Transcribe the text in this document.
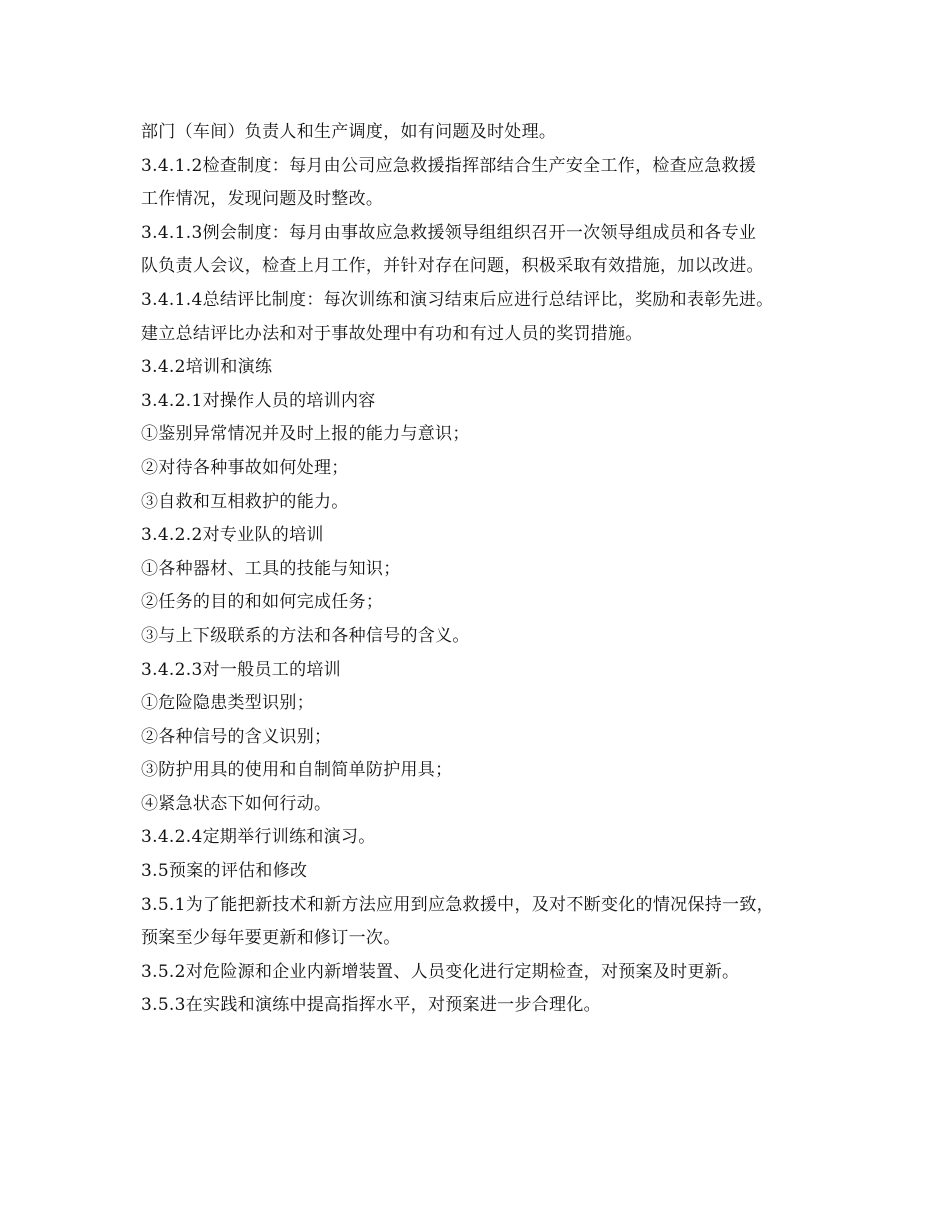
部门（车间）负责人和生产调度，如有问题及时处理。
3.4.1.2检查制度：每月由公司应急救援指挥部结合生产安全工作，检查应急救援
工作情况，发现问题及时整改。
3.4.1.3例会制度：每月由事故应急救援领导组组织召开一次领导组成员和各专业
队负责人会议，检查上月工作，并针对存在问题，积极采取有效措施，加以改进。
3.4.1.4总结评比制度：每次训练和演习结束后应进行总结评比，奖励和表彰先进。
建立总结评比办法和对于事故处理中有功和有过人员的奖罚措施。
3.4.2培训和演练
3.4.2.1对操作人员的培训内容
①鉴别异常情况并及时上报的能力与意识；
②对待各种事故如何处理；
③自救和互相救护的能力。
3.4.2.2对专业队的培训
①各种器材、工具的技能与知识；
②任务的目的和如何完成任务；
③与上下级联系的方法和各种信号的含义。
3.4.2.3对一般员工的培训
①危险隐患类型识别；
②各种信号的含义识别；
③防护用具的使用和自制简单防护用具；
④紧急状态下如何行动。
3.4.2.4定期举行训练和演习。
3.5预案的评估和修改
3.5.1为了能把新技术和新方法应用到应急救援中，及对不断变化的情况保持一致，
预案至少每年要更新和修订一次。
3.5.2对危险源和企业内新增装置、人员变化进行定期检查，对预案及时更新。
3.5.3在实践和演练中提高指挥水平，对预案进一步合理化。
